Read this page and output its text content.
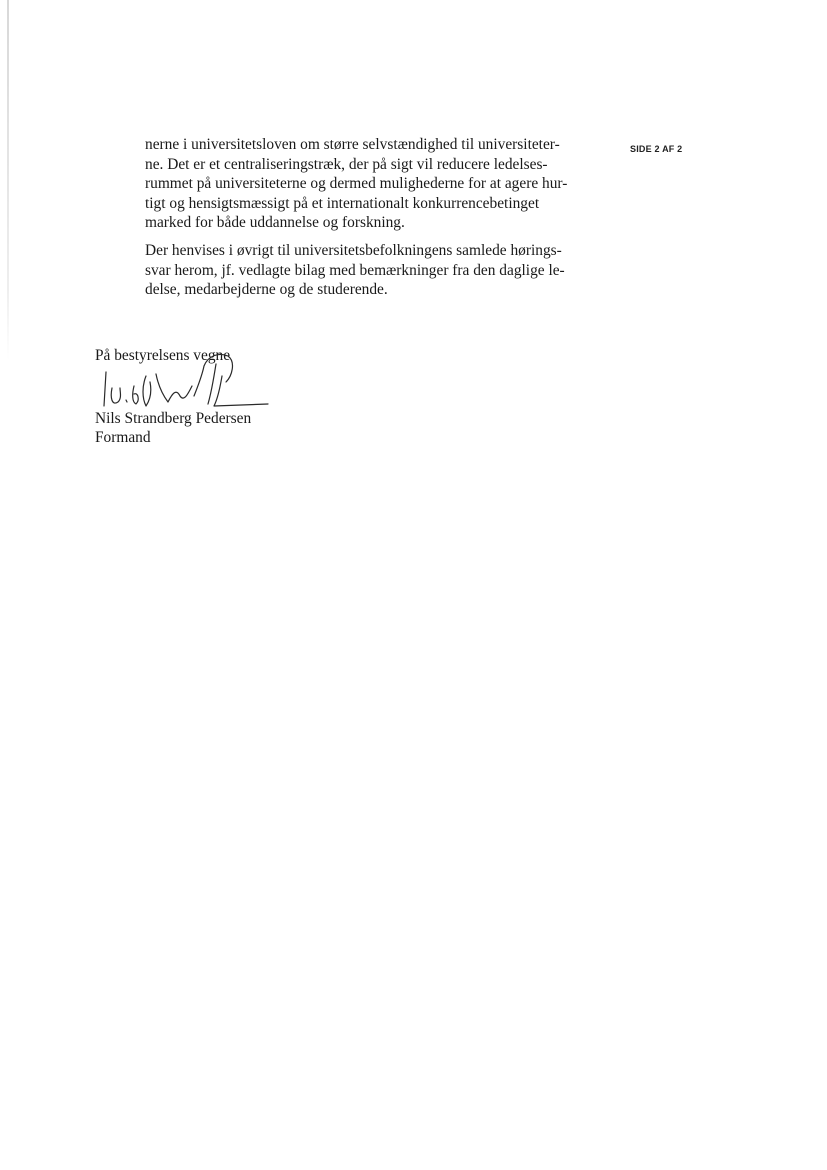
SIDE 2 AF 2

nerne i universitetsloven om større selvstændighed til universiteter-
ne. Det er et centraliseringstræk, der på sigt vil reducere ledelses-
rummet på universiteterne og dermed mulighederne for at agere hur-
tigt og hensigtsmæssigt på et internationalt konkurrencebetinget
marked for både uddannelse og forskning.

Der henvises i øvrigt til universitetsbefolkningens samlede hørings-
svar herom, jf. vedlagte bilag med bemærkninger fra den daglige le-
delse, medarbejderne og de studerende.

På bestyrelsens vegne
Nils Strandberg Pedersen
Formand
